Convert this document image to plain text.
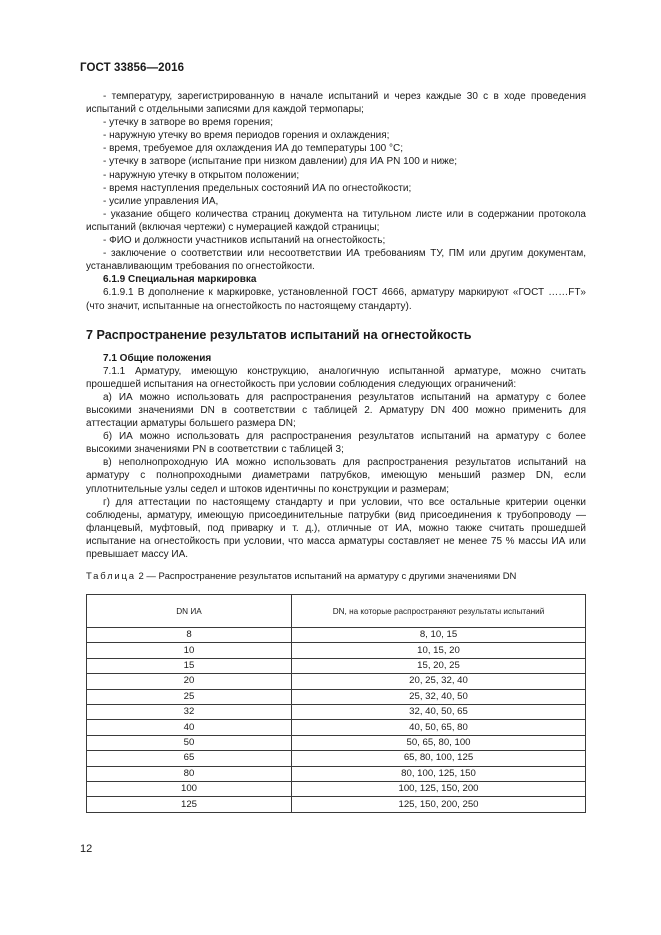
ГОСТ 33856—2016

- температуру, зарегистрированную в начале испытаний и через каждые 30 с в ходе проведения испытаний с отдельными записями для каждой термопары;

- утечку в затворе во время горения;

- наружную утечку во время периодов горения и охлаждения;

- время, требуемое для охлаждения ИА до температуры 100 °С;

- утечку в затворе (испытание при низком давлении) для ИА PN 100 и ниже;

- наружную утечку в открытом положении;

- время наступления предельных состояний ИА по огнестойкости;

- усилие управления ИА,

- указание общего количества страниц документа на титульном листе или в содержании протокола испытаний (включая чертежи) с нумерацией каждой страницы;

- ФИО и должности участников испытаний на огнестойкость;

- заключение о соответствии или несоответствии ИА требованиям ТУ, ПМ или другим документам, устанавливающим требования по огнестойкости.

6.1.9 Специальная маркировка

6.1.9.1 В дополнение к маркировке, установленной ГОСТ 4666, арматуру маркируют «ГОСТ ……FT» (что значит, испытанные на огнестойкость по настоящему стандарту).

7 Распространение результатов испытаний на огнестойкость

7.1 Общие положения

7.1.1 Арматуру, имеющую конструкцию, аналогичную испытанной арматуре, можно считать прошедшей испытания на огнестойкость при условии соблюдения следующих ограничений:

а) ИА можно использовать для распространения результатов испытаний на арматуру с более высокими значениями DN в соответствии с таблицей 2. Арматуру DN 400 можно применить для аттестации арматуры большего размера DN;

б) ИА можно использовать для распространения результатов испытаний на арматуру с более высокими значениями PN в соответствии с таблицей 3;

в) неполнопроходную ИА можно использовать для распространения результатов испытаний на арматуру с полнопроходными диаметрами патрубков, имеющую меньший размер DN, если уплотнительные узлы седел и штоков идентичны по конструкции и размерам;

г) для аттестации по настоящему стандарту и при условии, что все остальные критерии оценки соблюдены, арматуру, имеющую присоединительные патрубки (вид присоединения к трубопроводу — фланцевый, муфтовый, под приварку и т. д.), отличные от ИА, можно также считать прошедшей испытание на огнестойкость при условии, что масса арматуры составляет не менее 75 % массы ИА или превышает массу ИА.

Таблица 2 — Распространение результатов испытаний на арматуру с другими значениями DN
DN ИА	DN, на которые распространяют результаты испытаний
8	8, 10, 15
10	10, 15, 20
15	15, 20, 25
20	20, 25, 32, 40
25	25, 32, 40, 50
32	32, 40, 50, 65
40	40, 50, 65, 80
50	50, 65, 80, 100
65	65, 80, 100, 125
80	80, 100, 125, 150
100	100, 125, 150, 200
125	125, 150, 200, 250
12
